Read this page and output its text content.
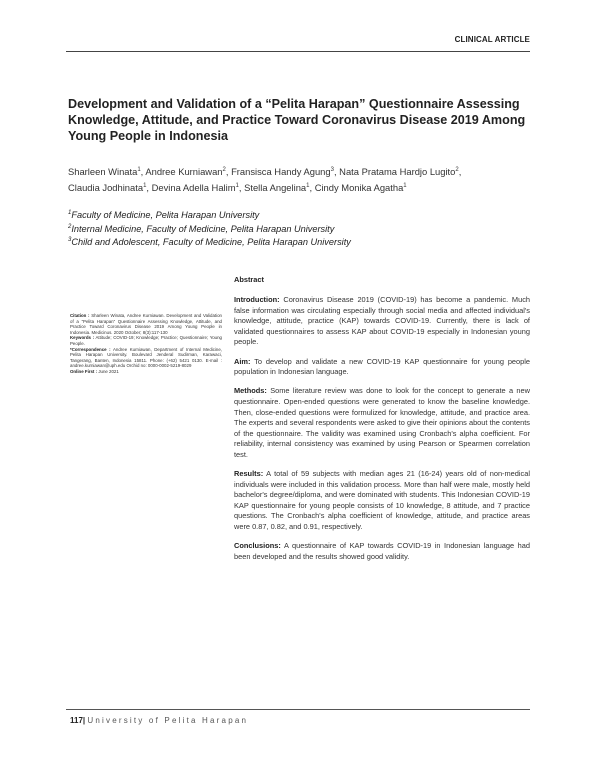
CLINICAL ARTICLE
Development and Validation of a “Pelita Harapan” Questionnaire Assessing Knowledge, Attitude, and Practice Toward Coronavirus Disease 2019 Among Young People in Indonesia
Sharleen Winata$^1$, Andree Kurniawan$^2$, Fransisca Handy Agung$^3$, Nata Pratama Hardjo Lugito$^2$,
Claudia Jodhinata$^1$, Devina Adella Halim$^1$, Stella Angelina$^1$, Cindy Monika Agatha$^1$
$^1$Faculty of Medicine, Pelita Harapan University
$^2$Internal Medicine, Faculty of Medicine, Pelita Harapan University
$^3$Child and Adolescent, Faculty of Medicine, Pelita Harapan University

Citation : Sharleen Winata, Andree Kurniawan. Development and Validation of a “Pelita Harapan” Questionnaire Assessing Knowledge, Attitude, and Practice Toward Coronavirus Disease 2019 Among Young People in Indonesia. Medicinus. 2020 October; 8(3):117-130

Keywords : Attitude; COVID-19; Knowledge; Practice; Questionnaire; Young People.

*Correspondence : Andree Kurniawan, Department of Internal Medicine, Pelita Harapan University. Boulevard Jenderal Sudirman, Karawaci, Tangerang, Banten, Indonesia 15811. Phone: (+62) 5421 0130. E-mail : andree.kurniawan@uph.edu Orchid no: 0000-0002-5219-8029

Online First : June 2021

Abstract

Introduction: Coronavirus Disease 2019 (COVID-19) has become a pandemic. Much false information was circulating especially through social media and affected individual's knowledge, attitude, practice (KAP) towards COVID-19. Currently, there is lack of validated questionnaires to assess KAP about COVID-19 especially in Indonesian young people.

Aim: To develop and validate a new COVID-19 KAP questionnaire for young people population in Indonesian language.

Methods: Some literature review was done to look for the concept to generate a new questionnaire. Open-ended questions were generated to know the baseline knowledge. Then, close-ended questions were formulized for knowledge, attitude, and practice area. The experts and several respondents were asked to give their opinions about the contents of the questionnaire. The validity was examined using Cronbach's alpha coefficient. For reliability, internal consistency was examined by using Pearson or Spearmen correlation test.

Results: A total of 59 subjects with median ages 21 (16-24) years old of non-medical individuals were included in this validation process. More than half were male, mostly held bachelor's degree/diploma, and were dominated with students. This Indonesian COVID-19 KAP questionnaire for young people consists of 10 knowledge, 8 attitude, and 7 practice questions. The Cronbach's alpha coefficient of knowledge, attitude, and practice areas were 0.87, 0.82, and 0.91, respectively.

Conclusions: A questionnaire of KAP towards COVID-19 in Indonesian language had been developed and the results showed good validity.

117| University of Pelita Harapan
